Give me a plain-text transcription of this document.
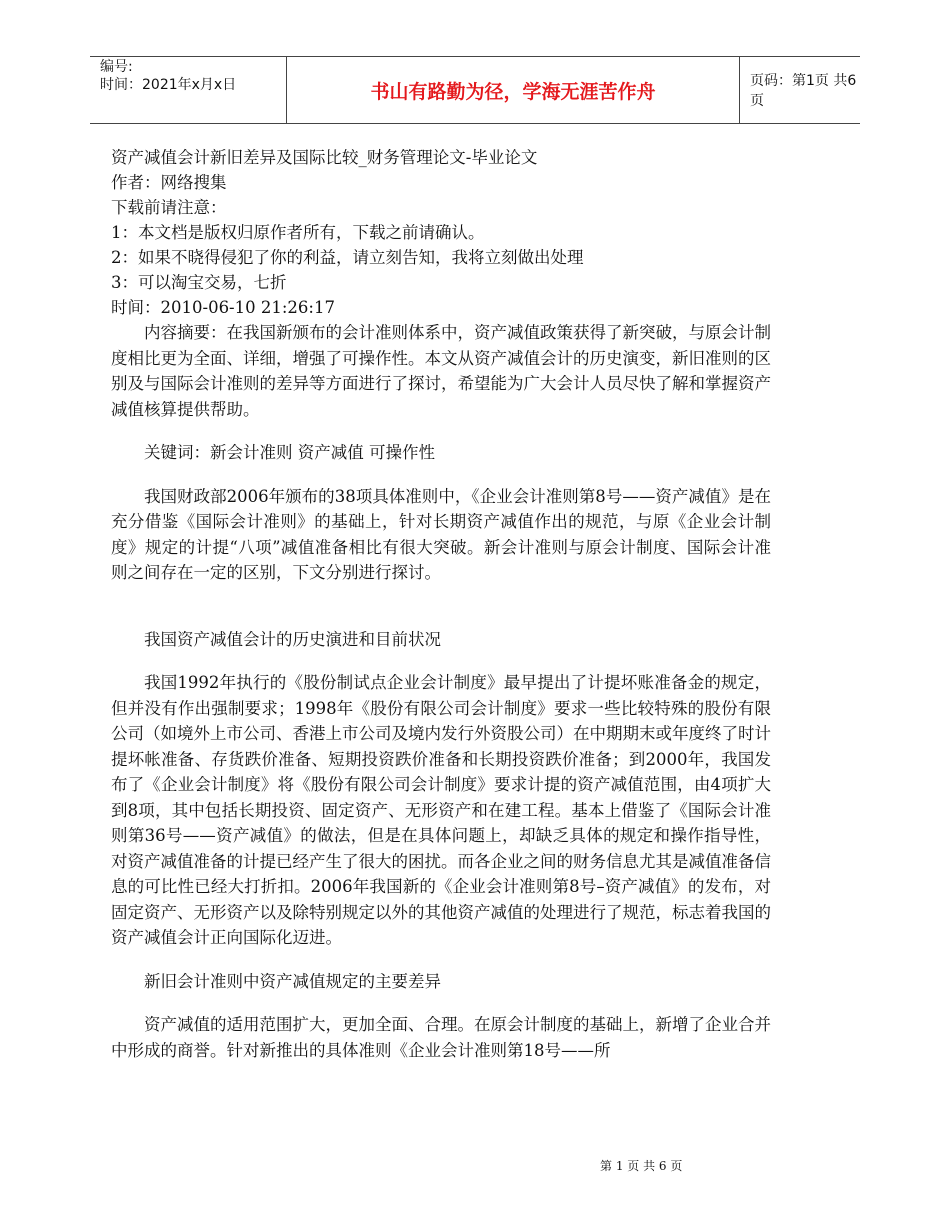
编号:
时间：2021年x月x日	书山有路勤为径，学海无涯苦作舟	页码：第1页 共6页
资产减值会计新旧差异及国际比较_财务管理论文-毕业论文
作者：网络搜集
下载前请注意：
1：本文档是版权归原作者所有，下载之前请确认。
2：如果不晓得侵犯了你的利益，请立刻告知，我将立刻做出处理
3：可以淘宝交易，七折
时间：2010-06-10 21:26:17
内容摘要：在我国新颁布的会计准则体系中，资产减值政策获得了新突破，与原会计制度相比更为全面、详细，增强了可操作性。本文从资产减值会计的历史演变，新旧准则的区别及与国际会计准则的差异等方面进行了探讨，希望能为广大会计人员尽快了解和掌握资产减值核算提供帮助。
关键词：新会计准则 资产减值 可操作性
我国财政部2006年颁布的38项具体准则中，《企业会计准则第8号——资产减值》是在充分借鉴《国际会计准则》的基础上，针对长期资产减值作出的规范，与原《企业会计制度》规定的计提“八项”减值准备相比有很大突破。新会计准则与原会计制度、国际会计准则之间存在一定的区别，下文分别进行探讨。
我国资产减值会计的历史演进和目前状况
我国1992年执行的《股份制试点企业会计制度》最早提出了计提坏账准备金的规定，但并没有作出强制要求；1998年《股份有限公司会计制度》要求一些比较特殊的股份有限公司（如境外上市公司、香港上市公司及境内发行外资股公司）在中期期末或年度终了时计提坏帐准备、存货跌价准备、短期投资跌价准备和长期投资跌价准备；到2000年，我国发布了《企业会计制度》将《股份有限公司会计制度》要求计提的资产减值范围，由4项扩大到8项，其中包括长期投资、固定资产、无形资产和在建工程。基本上借鉴了《国际会计准则第36号——资产减值》的做法，但是在具体问题上，却缺乏具体的规定和操作指导性，对资产减值准备的计提已经产生了很大的困扰。而各企业之间的财务信息尤其是减值准备信息的可比性已经大打折扣。2006年我国新的《企业会计准则第8号–资产减值》的发布，对固定资产、无形资产以及除特别规定以外的其他资产减值的处理进行了规范，标志着我国的资产减值会计正向国际化迈进。
新旧会计准则中资产减值规定的主要差异
资产减值的适用范围扩大，更加全面、合理。在原会计制度的基础上，新增了企业合并中形成的商誉。针对新推出的具体准则《企业会计准则第18号——所
第 1 页 共 6 页
